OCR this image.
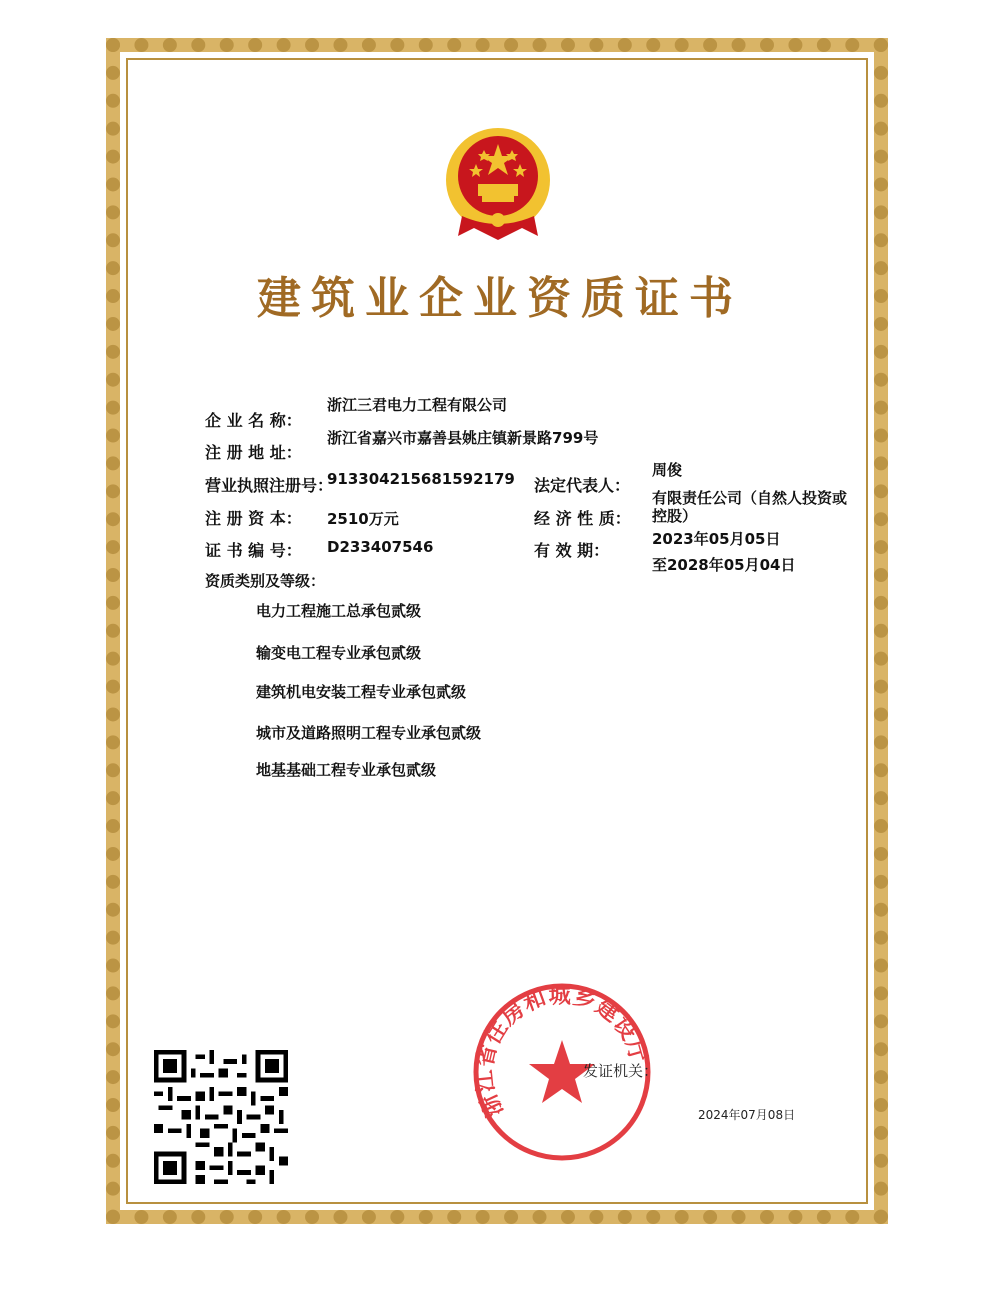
建筑业企业资质证书
企 业 名 称：
浙江三君电力工程有限公司
注 册 地 址：
浙江省嘉兴市嘉善县姚庄镇新景路799号
营业执照注册号：
913304215681592179 法定代表人：
周俊
注 册 资 本： 2510万元	经 济 性 质：
有限责任公司（自然人投资或控股）
证 书 编 号： D233407546	有 效 期：
2023年05月05日
至2028年05月04日
资质类别及等级：
电力工程施工总承包贰级
输变电工程专业承包贰级
建筑机电安装工程专业承包贰级
城市及道路照明工程专业承包贰级
地基基础工程专业承包贰级
浙江省住房和城乡建设厅
发证机关：
2024年07月08日
